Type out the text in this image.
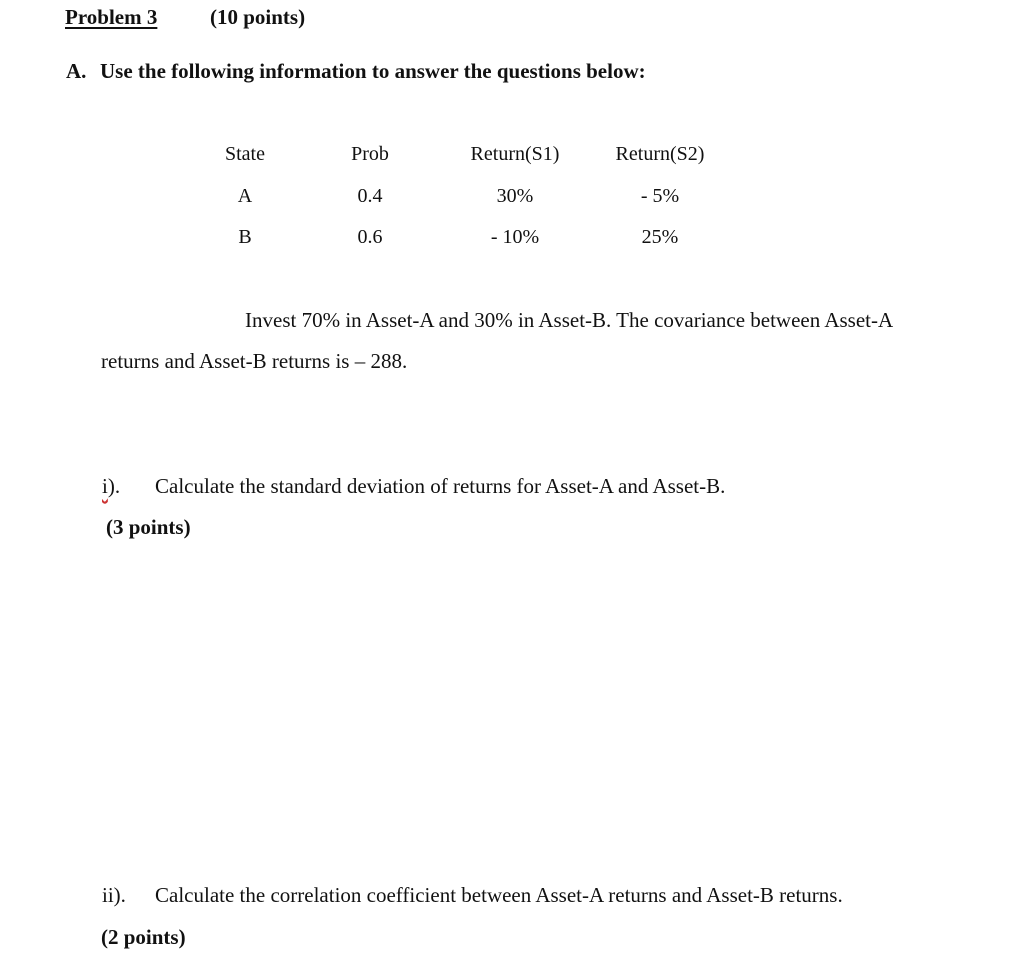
Problem 3	(10 points)
A. Use the following information to answer the questions below:
State	Prob	Return(S1)	Return(S2)
A	0.4	30%	- 5%
B	0.6	- 10%	25%
Invest 70% in Asset-A and 30% in Asset-B. The covariance between Asset-A
returns and Asset-B returns is – 288.
i). Calculate the standard deviation of returns for Asset-A and Asset-B.
(3 points)
ii). Calculate the correlation coefficient between Asset-A returns and Asset-B returns.
(2 points)
